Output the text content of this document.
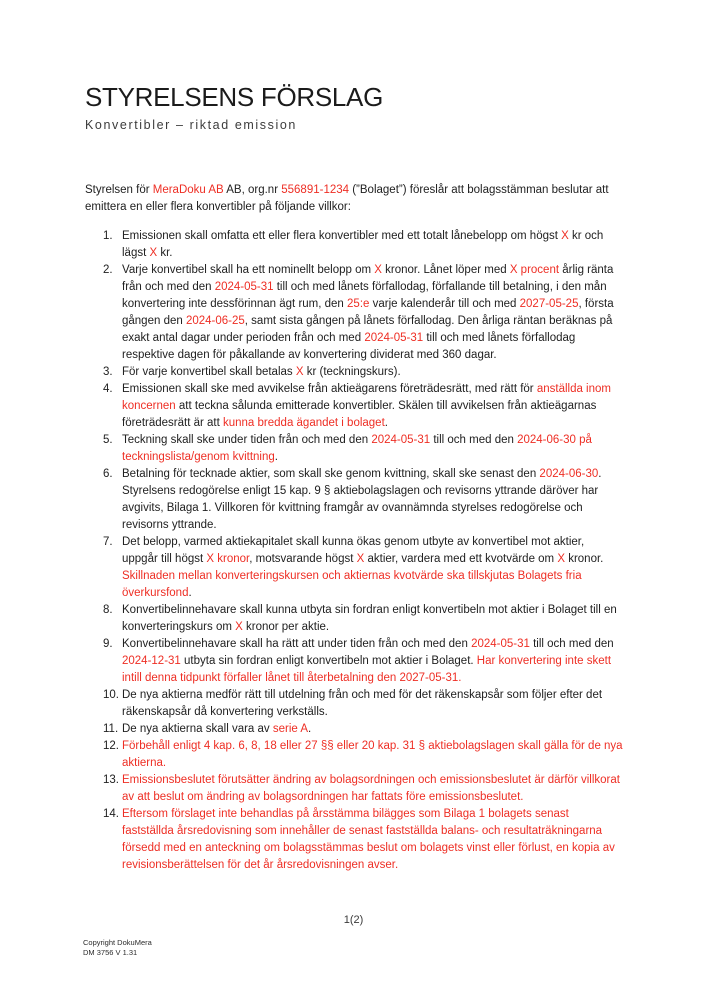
STYRELSENS FÖRSLAG
Konvertibler – riktad emission

Styrelsen för MeraDoku AB AB, org.nr 556891-1234 (”Bolaget”) föreslår att bolagsstämman beslutar att emittera en eller flera konvertibler på följande villkor:

1. Emissionen skall omfatta ett eller flera konvertibler med ett totalt lånebelopp om högst X kr och lägst X kr.
2. Varje konvertibel skall ha ett nominellt belopp om X kronor. Lånet löper med X procent årlig ränta från och med den 2024-05-31 till och med lånets förfallodag, förfallande till betalning, i den mån konvertering inte dessförinnan ägt rum, den 25:e varje kalenderår till och med 2027-05-25, första gången den 2024-06-25, samt sista gången på lånets förfallodag. Den årliga räntan beräknas på exakt antal dagar under perioden från och med 2024-05-31 till och med lånets förfallodag respektive dagen för påkallande av konvertering dividerat med 360 dagar.
3. För varje konvertibel skall betalas X kr (teckningskurs).
4. Emissionen skall ske med avvikelse från aktieägarens företrädesrätt, med rätt för anställda inom koncernen att teckna sålunda emitterade konvertibler. Skälen till avvikelsen från aktieägarnas företrädesrätt är att kunna bredda ägandet i bolaget.
5. Teckning skall ske under tiden från och med den 2024-05-31 till och med den 2024-06-30 på teckningslista/genom kvittning.
6. Betalning för tecknade aktier, som skall ske genom kvittning, skall ske senast den 2024-06-30. Styrelsens redogörelse enligt 15 kap. 9 § aktiebolagslagen och revisorns yttrande däröver har avgivits, Bilaga 1. Villkoren för kvittning framgår av ovannämnda styrelses redogörelse och revisorns yttrande.
7. Det belopp, varmed aktiekapitalet skall kunna ökas genom utbyte av konvertibel mot aktier, uppgår till högst X kronor, motsvarande högst X aktier, vardera med ett kvotvärde om X kronor. Skillnaden mellan konverteringskursen och aktiernas kvotvärde ska tillskjutas Bolagets fria överkursfond.
8. Konvertibelinnehavare skall kunna utbyta sin fordran enligt konvertibeln mot aktier i Bolaget till en konverteringskurs om X kronor per aktie.
9. Konvertibelinnehavare skall ha rätt att under tiden från och med den 2024-05-31 till och med den 2024-12-31 utbyta sin fordran enligt konvertibeln mot aktier i Bolaget. Har konvertering inte skett intill denna tidpunkt förfaller lånet till återbetalning den 2027-05-31.
10. De nya aktierna medför rätt till utdelning från och med för det räkenskapsår som följer efter det räkenskapsår då konvertering verkställs.
11. De nya aktierna skall vara av serie A.
12. Förbehåll enligt 4 kap. 6, 8, 18 eller 27 §§ eller 20 kap. 31 § aktiebolagslagen skall gälla för de nya aktierna.
13. Emissionsbeslutet förutsätter ändring av bolagsordningen och emissionsbeslutet är därför villkorat av att beslut om ändring av bolagsordningen har fattats före emissionsbeslutet.
14. Eftersom förslaget inte behandlas på årsstämma bilägges som Bilaga 1 bolagets senast fastställda årsredovisning som innehåller de senast fastställda balans- och resultaträkningarna försedd med en anteckning om bolagsstämmas beslut om bolagets vinst eller förlust, en kopia av revisionsberättelsen för det år årsredovisningen avser.
1(2)
Copyright DokuMera
DM 3756 V 1.31
